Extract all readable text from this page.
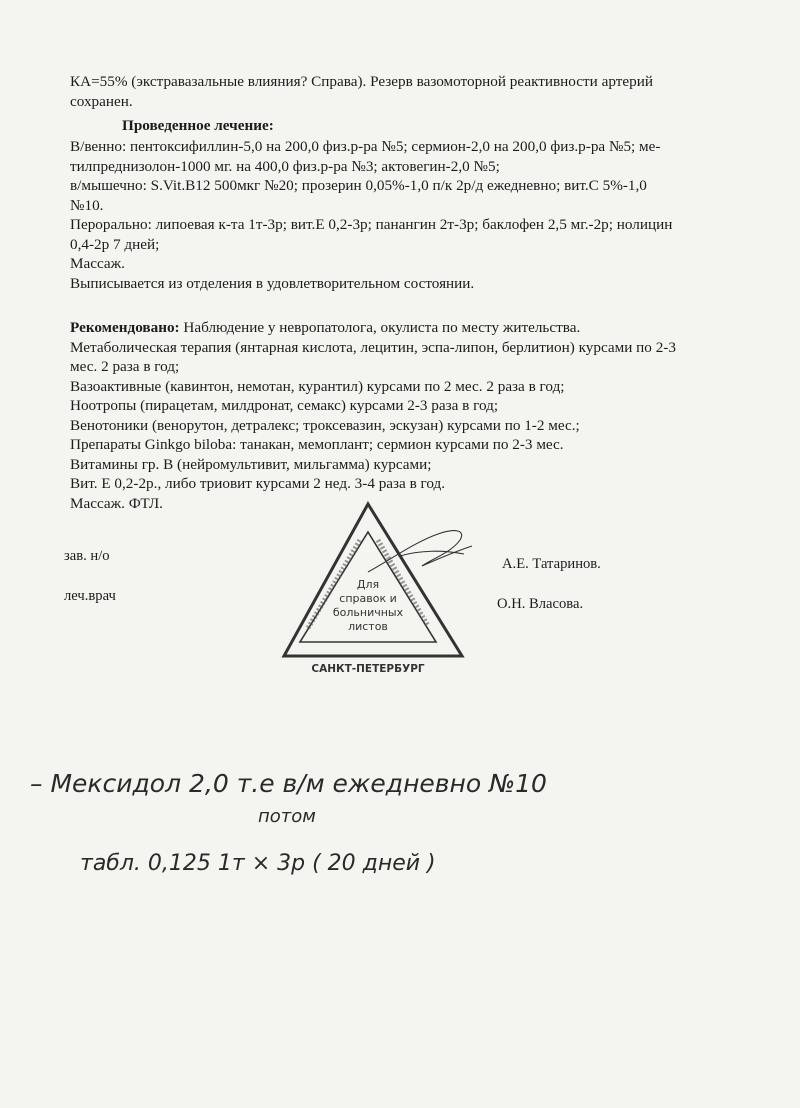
КА=55% (экстравазальные влияния? Справа). Резерв вазомоторной реактивности артерий
сохранен.
Проведенное лечение:
В/венно: пентоксифиллин-5,0 на 200,0 физ.р-ра №5; сермион-2,0 на 200,0 физ.р-ра №5; ме-
тилпреднизолон-1000 мг. на 400,0 физ.р-ра №3; актовегин-2,0 №5;
в/мышечно: S.Vit.B12 500мкг №20; прозерин 0,05%-1,0 п/к 2р/д ежедневно; вит.С 5%-1,0
№10.
Перорально: липоевая к-та 1т-3р; вит.Е 0,2-3р; панангин 2т-3р; баклофен 2,5 мг.-2р; нолицин
0,4-2р 7 дней;
Массаж.
Выписывается из отделения в удовлетворительном состоянии.
Рекомендовано: Наблюдение у невропатолога, окулиста по месту жительства.
Метаболическая терапия (янтарная кислота, лецитин, эспа-липон, берлитион) курсами по 2-3
мес. 2 раза в год;
Вазоактивные (кавинтон, немотан, курантил) курсами по 2 мес. 2 раза в год;
Ноотропы (пирацетам, милдронат, семакс) курсами 2-3 раза в год;
Венотоники (венорутон, детралекс; троксевазин, эскузан) курсами по 1-2 мес.;
Препараты Ginkgo biloba: танакан, мемоплант; сермион курсами по 2-3 мес.
Витамины гр. В (нейромультивит, мильгамма) курсами;
Вит. Е 0,2-2р., либо триовит курсами 2 нед. 3-4 раза в год.
Массаж. ФТЛ.
зав. н/о
леч.врач
А.Е. Татаринов.
О.Н. Власова.
Для
справок и
больничных
листов
САНКТ-ПЕТЕРБУРГ
– Мексидол 2,0 т.е в/м ежедневно №10
потом
табл. 0,125 1т × 3р ( 20 дней )
